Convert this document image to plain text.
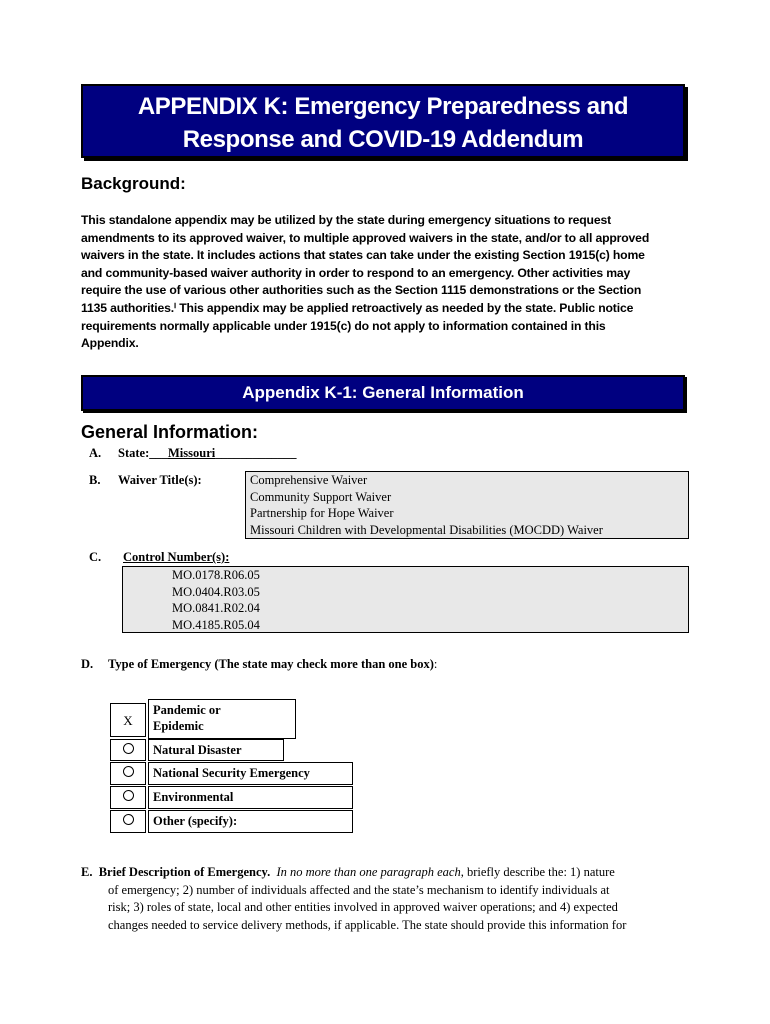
APPENDIX K: Emergency Preparedness and
Response and COVID-19 Addendum
Background:
This standalone appendix may be utilized by the state during emergency situations to request
amendments to its approved waiver, to multiple approved waivers in the state, and/or to all approved
waivers in the state. It includes actions that states can take under the existing Section 1915(c) home
and community-based waiver authority in order to respond to an emergency. Other activities may
require the use of various other authorities such as the Section 1115 demonstrations or the Section
1135 authorities.ⁱ This appendix may be applied retroactively as needed by the state. Public notice
requirements normally applicable under 1915(c) do not apply to information contained in this
Appendix.
Appendix K-1: General Information
General Information:
A. State:___Missouri_____________
B. Waiver Title(s):	Comprehensive Waiver
Community Support Waiver
Partnership for Hope Waiver
Missouri Children with Developmental Disabilities (MOCDD) Waiver
C. Control Number(s):
MO.0178.R06.05
MO.0404.R03.05
MO.0841.R02.04
MO.4185.R05.04
D. Type of Emergency (The state may check more than one box):
X
Pandemic or
Epidemic
Natural Disaster
National Security Emergency
Environmental
Other (specify):
E. Brief Description of Emergency. In no more than one paragraph each, briefly describe the: 1) nature
of emergency; 2) number of individuals affected and the state’s mechanism to identify individuals at
risk; 3) roles of state, local and other entities involved in approved waiver operations; and 4) expected
changes needed to service delivery methods, if applicable. The state should provide this information for
